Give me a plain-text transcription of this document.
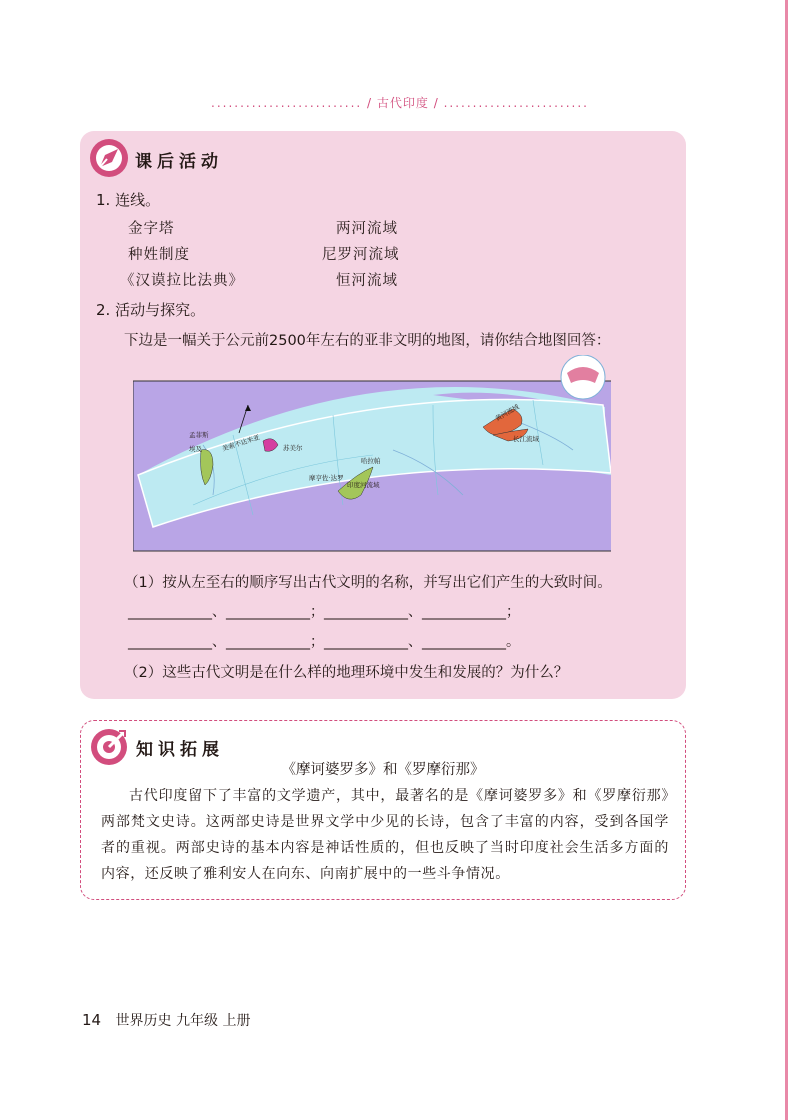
.......................... / 古代印度 / .........................
课后活动
1. 连线。
金字塔
种姓制度
《汉谟拉比法典》
两河流域
尼罗河流域
恒河流域
2. 活动与探究。
下边是一幅关于公元前2500年左右的亚非文明的地图，请你结合地图回答：
孟菲斯
埃及	美索不达米亚	苏美尔
摩亨佐·达罗
哈拉帕
印度河流域
长江流域
黄河流域
（1）按从左至右的顺序写出古代文明的名称，并写出它们产生的大致时间。
____________、____________；____________、____________；
____________、____________；____________、____________。
（2）这些古代文明是在什么样的地理环境中发生和发展的？为什么？
知识拓展
《摩诃婆罗多》和《罗摩衍那》
古代印度留下了丰富的文学遗产，其中，最著名的是《摩诃婆罗多》和《罗摩衍那》两部梵文史诗。这两部史诗是世界文学中少见的长诗，包含了丰富的内容，受到各国学者的重视。两部史诗的基本内容是神话性质的，但也反映了当时印度社会生活多方面的内容，还反映了雅利安人在向东、向南扩展中的一些斗争情况。
14 世界历史 九年级 上册
